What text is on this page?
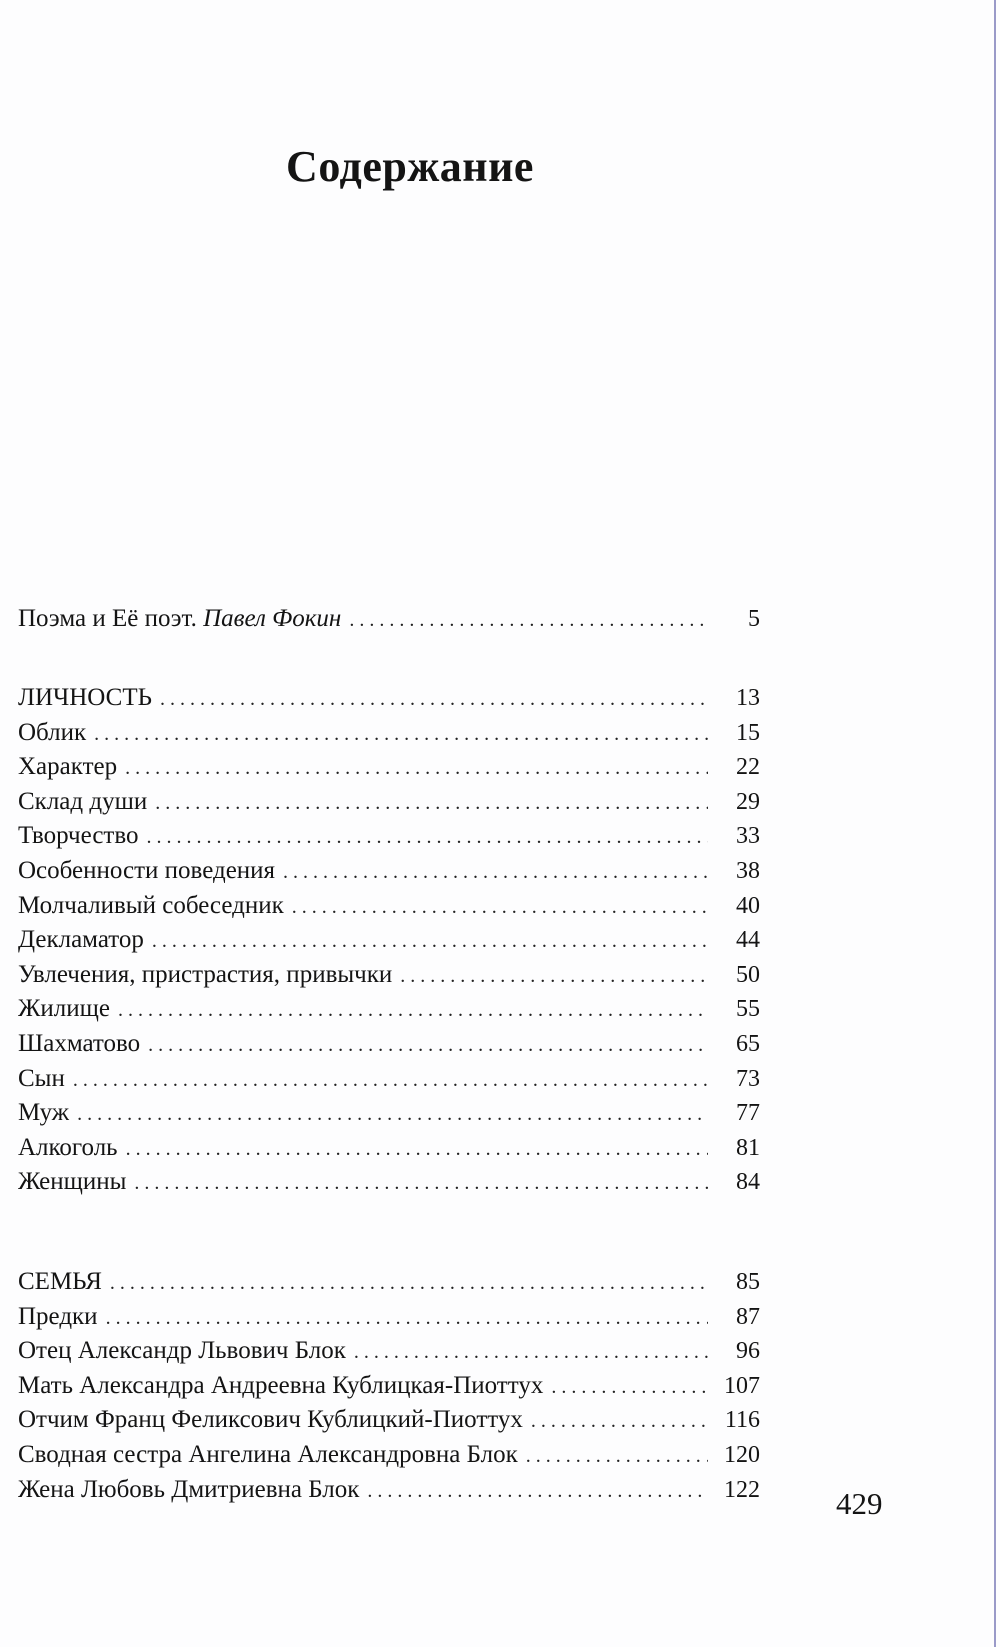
Содержание
Поэма и Её поэт. Павел Фокин . . .	5
ЛИЧНОСТЬ . . .	13
Облик . . .	15
Характер . . .	22
Склад души . . .	29
Творчество . . .	33
Особенности поведения . . .	38
Молчаливый собеседник . . .	40
Декламатор . . .	44
Увлечения, пристрастия, привычки . . .	50
Жилище . . .	55
Шахматово . . .	65
Сын . . .	73
Муж . . .	77
Алкоголь . . .	81
Женщины . . .	84
СЕМЬЯ . . .	85
Предки . . .	87
Отец Александр Львович Блок . . .	96
Мать Александра Андреевна Кублицкая-Пиоттух . . .	107
Отчим Франц Феликсович Кублицкий-Пиоттух . . .	116
Сводная сестра Ангелина Александровна Блок . . .	120
Жена Любовь Дмитриевна Блок . . .	122 429
